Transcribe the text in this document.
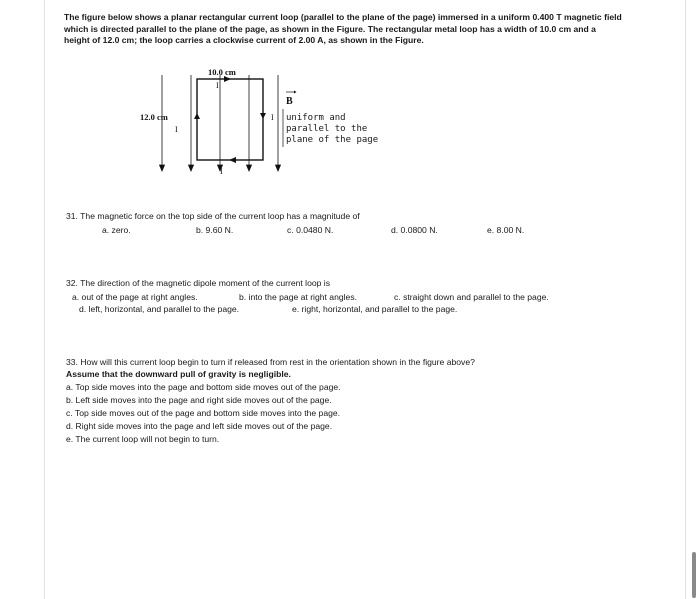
The figure below shows a planar rectangular current loop (parallel to the plane of the page) immersed in a uniform 0.400 T magnetic field which is directed parallel to the plane of the page, as shown in the Figure. The rectangular metal loop has a width of 10.0 cm and a height of 12.0 cm; the loop carries a clockwise current of 2.00 A, as shown in the Figure.
10.0 cm
I
12.0 cm
I
I
I
B
uniform and
parallel to the
plane of the page
31. The magnetic force on the top side of the current loop has a magnitude of
a. zero.	b. 9.60 N.	c. 0.0480 N.	d. 0.0800 N.	e. 8.00 N.
32. The direction of the magnetic dipole moment of the current loop is
a. out of the page at right angles.	b. into the page at right angles.	c. straight down and parallel to the page.
d. left, horizontal, and parallel to the page.	e. right, horizontal, and parallel to the page.
33. How will this current loop begin to turn if released from rest in the orientation shown in the figure above?
Assume that the downward pull of gravity is negligible.
a. Top side moves into the page and bottom side moves out of the page.
b. Left side moves into the page and right side moves out of the page.
c. Top side moves out of the page and bottom side moves into the page.
d. Right side moves into the page and left side moves out of the page.
e. The current loop will not begin to turn.
